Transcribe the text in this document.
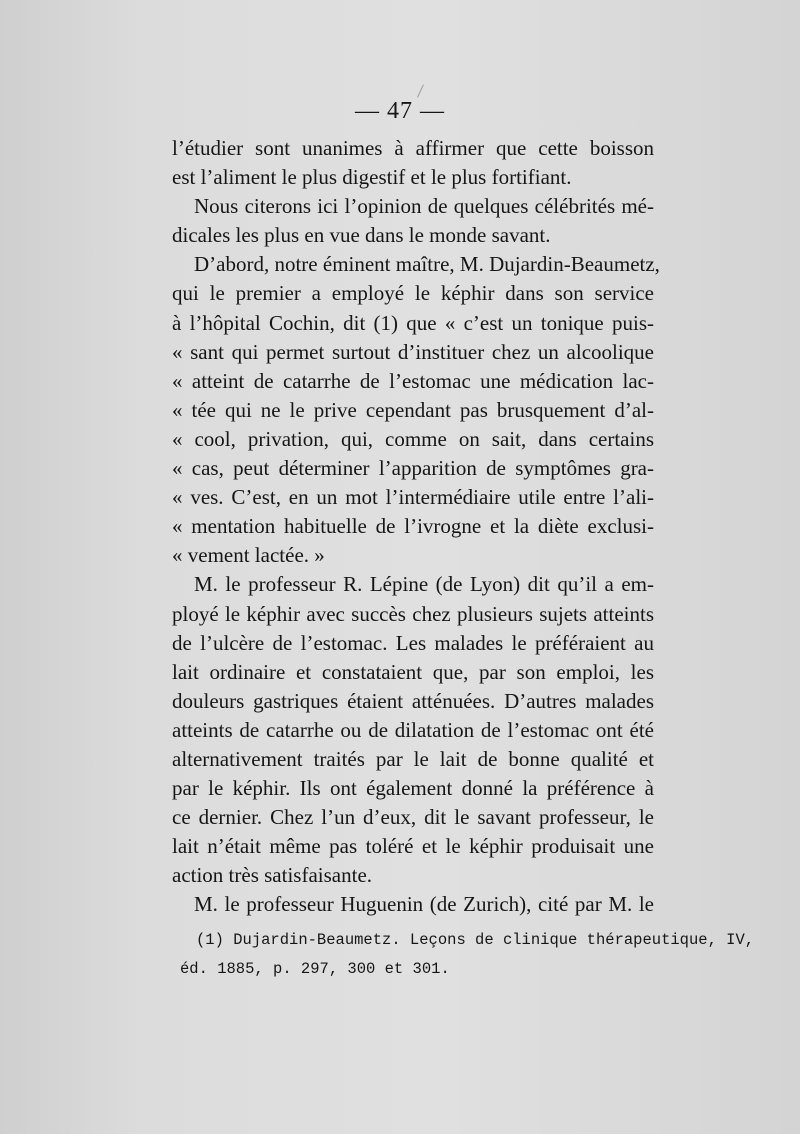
— 47 —
l’étudier sont unanimes à affirmer que cette boisson
est l’aliment le plus digestif et le plus fortifiant.
Nous citerons ici l’opinion de quelques célébrités mé-
dicales les plus en vue dans le monde savant.
D’abord, notre éminent maître, M. Dujardin-Beaumetz,
qui le premier a employé le képhir dans son service
à l’hôpital Cochin, dit (1) que « c’est un tonique puis-
« sant qui permet surtout d’instituer chez un alcoolique
« atteint de catarrhe de l’estomac une médication lac-
« tée qui ne le prive cependant pas brusquement d’al-
« cool, privation, qui, comme on sait, dans certains
« cas, peut déterminer l’apparition de symptômes gra-
« ves. C’est, en un mot l’intermédiaire utile entre l’ali-
« mentation habituelle de l’ivrogne et la diète exclusi-
« vement lactée. »
M. le professeur R. Lépine (de Lyon) dit qu’il a em-
ployé le képhir avec succès chez plusieurs sujets atteints
de l’ulcère de l’estomac. Les malades le préféraient au
lait ordinaire et constataient que, par son emploi, les
douleurs gastriques étaient atténuées. D’autres malades
atteints de catarrhe ou de dilatation de l’estomac ont été
alternativement traités par le lait de bonne qualité et
par le képhir. Ils ont également donné la préférence à
ce dernier. Chez l’un d’eux, dit le savant professeur, le
lait n’était même pas toléré et le képhir produisait une
action très satisfaisante.
M. le professeur Huguenin (de Zurich), cité par M. le
(1) Dujardin-Beaumetz. Leçons de clinique thérapeutique, IV,
éd. 1885, p. 297, 300 et 301.
